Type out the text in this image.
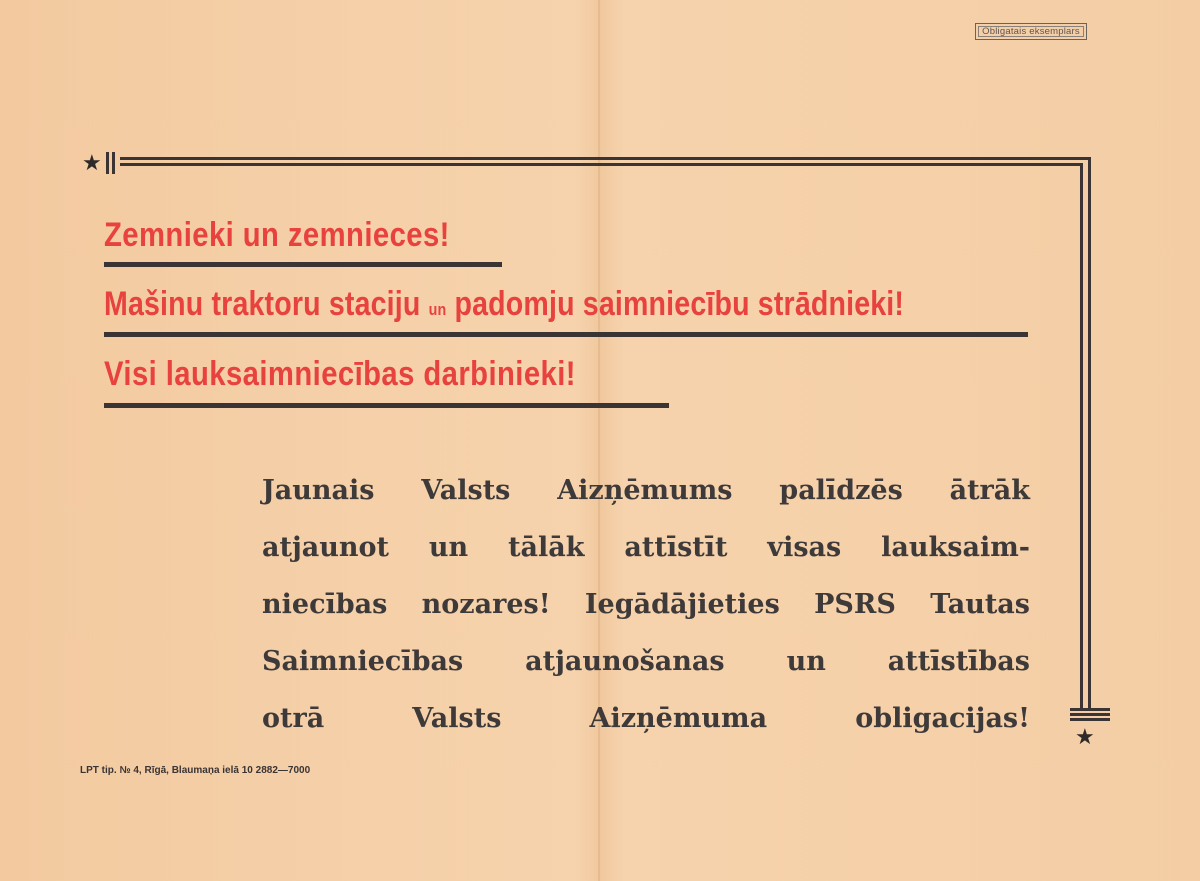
Obligatais eksemplars
★
★
Zemnieki un zemnieces!
Mašinu traktoru staciju un padomju saimniecību strādnieki!
Visi lauksaimniecības darbinieki!
Jaunais Valsts Aizņēmums palīdzēs ātrāk
atjaunot un tālāk attīstīt visas lauksaim-
niecības nozares! Iegādājieties PSRS Tautas
Saimniecības atjaunošanas un attīstības
otrā Valsts Aizņēmuma obligacijas!
LPT tip. № 4, Rīgā, Blaumaņa ielā 10 2882—7000
